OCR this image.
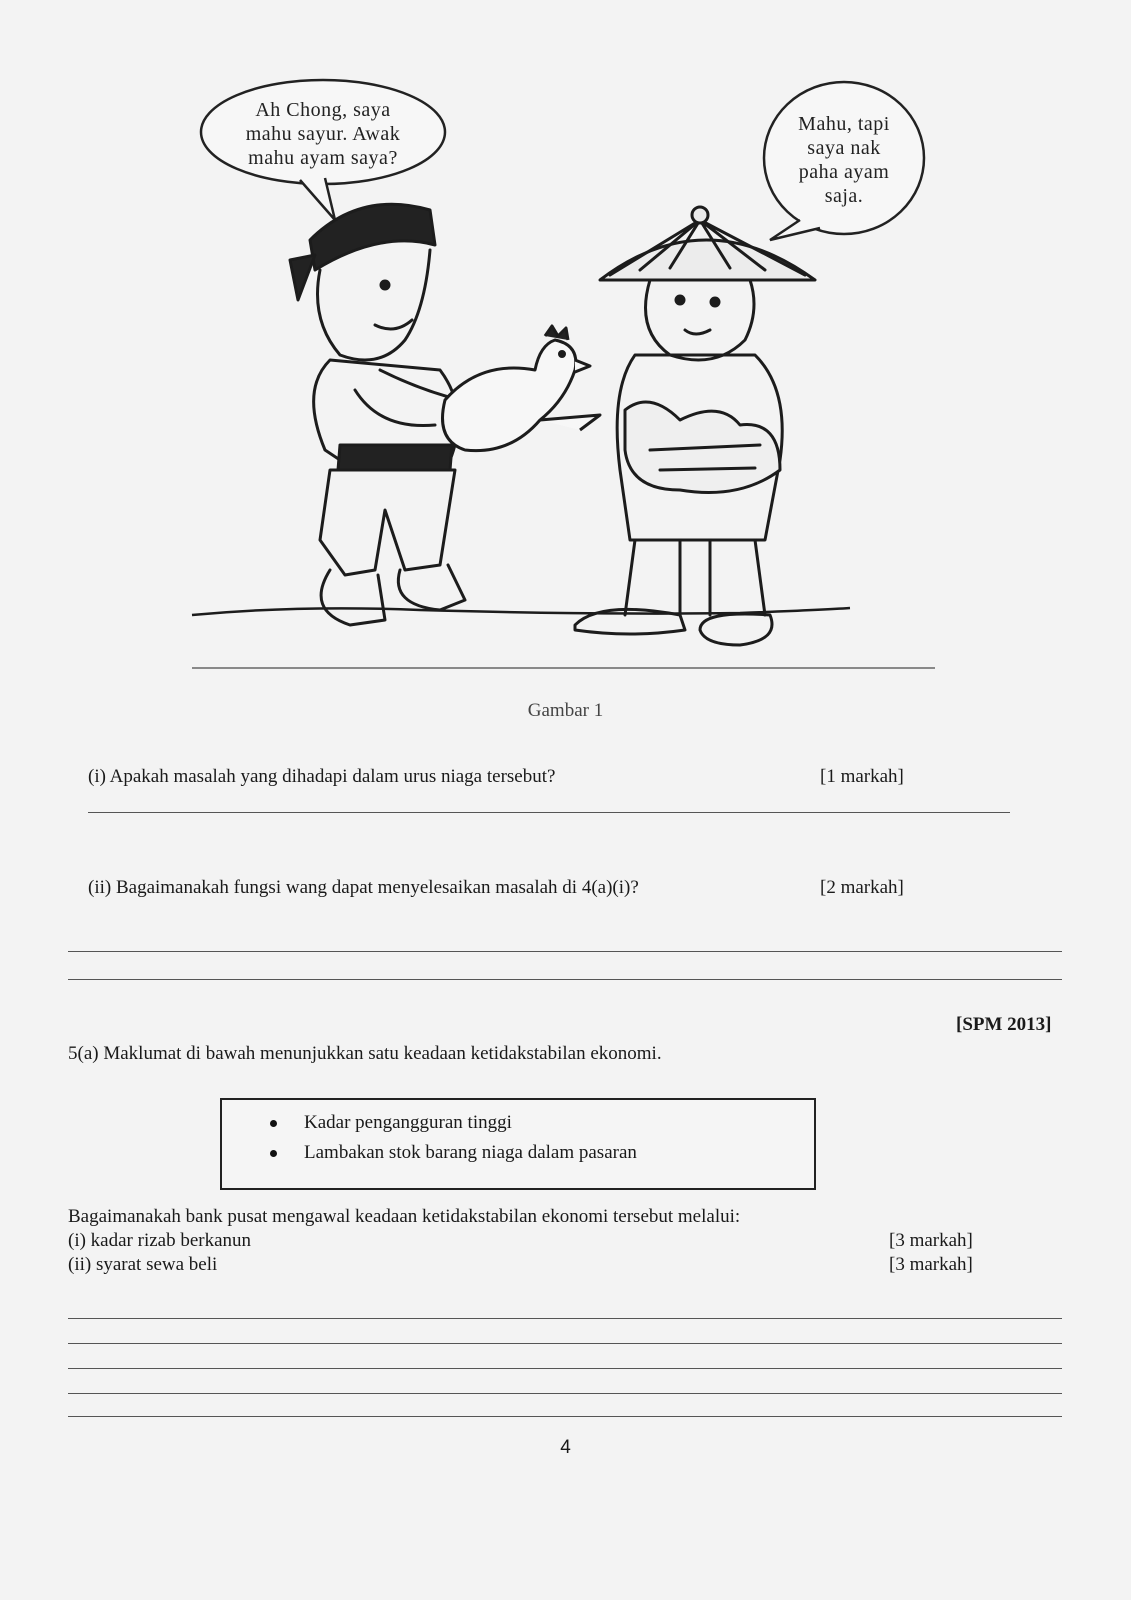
Ah Chong, saya
mahu sayur. Awak
mahu ayam saya?
Mahu, tapi
saya nak
paha ayam
saja.
Gambar 1
(i) Apakah masalah yang dihadapi dalam urus niaga tersebut?	[1 markah]
(ii) Bagaimanakah fungsi wang dapat menyelesaikan masalah di 4(a)(i)?	[2 markah]
[SPM 2013]
5(a) Maklumat di bawah menunjukkan satu keadaan ketidakstabilan ekonomi.
Kadar pengangguran tinggi
Lambakan stok barang niaga dalam pasaran
Bagaimanakah bank pusat mengawal keadaan ketidakstabilan ekonomi tersebut melalui:
(i) kadar rizab berkanun	[3 markah]
(ii) syarat sewa beli	[3 markah]
4
